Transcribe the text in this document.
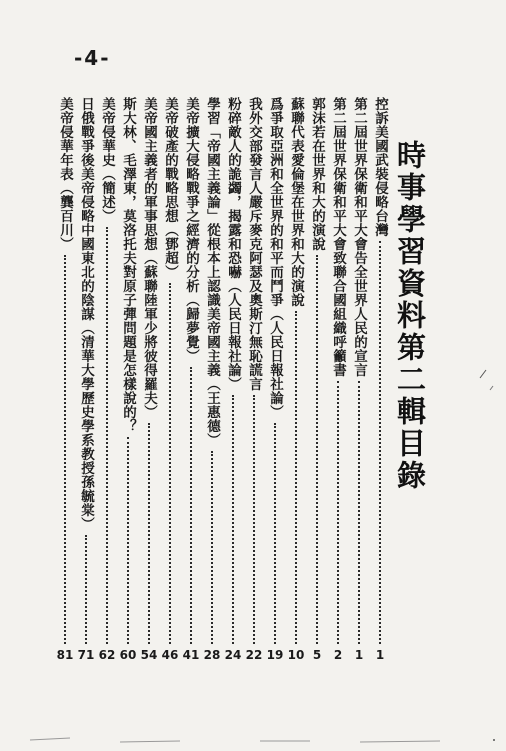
-4-
時事學習資料第二輯目錄
控訴美國武裝侵略台灣
1
第二屆世界保衛和平大會告全世界人民的宣言
1
第二屆世界保衛和平大會致聯合國組織呼籲書
2
郭沫若在世界和大的演說
5
蘇聯代表愛倫堡在世界和大的演說
10
爲爭取亞洲和全世界的和平而鬥爭（人民日報社論）
19
我外交部發言人嚴斥麥克阿瑟及奧斯汀無恥謊言
22
粉碎敵人的詭蠲，揭露和恐嚇（人民日報社論）
24
學習「帝國主義論」從根本上認識美帝國主義（王惠德）
28
美帝擴大侵略戰爭之經濟的分析（歸夢覺）
41
美帝破產的戰略思想（鄧超）
46
美帝國主義者的軍事思想（蘇聯陸軍少將彼得羅夫）
54
斯大林、毛澤東，莫洛托夫對原子彈問題是怎樣說的？
60
美帝侵華史（簡述）
62
日俄戰爭後美帝侵略中國東北的陰謀（清華大學歷史學系教授孫毓棠）
71
美帝侵華年表（龔百川）
81
